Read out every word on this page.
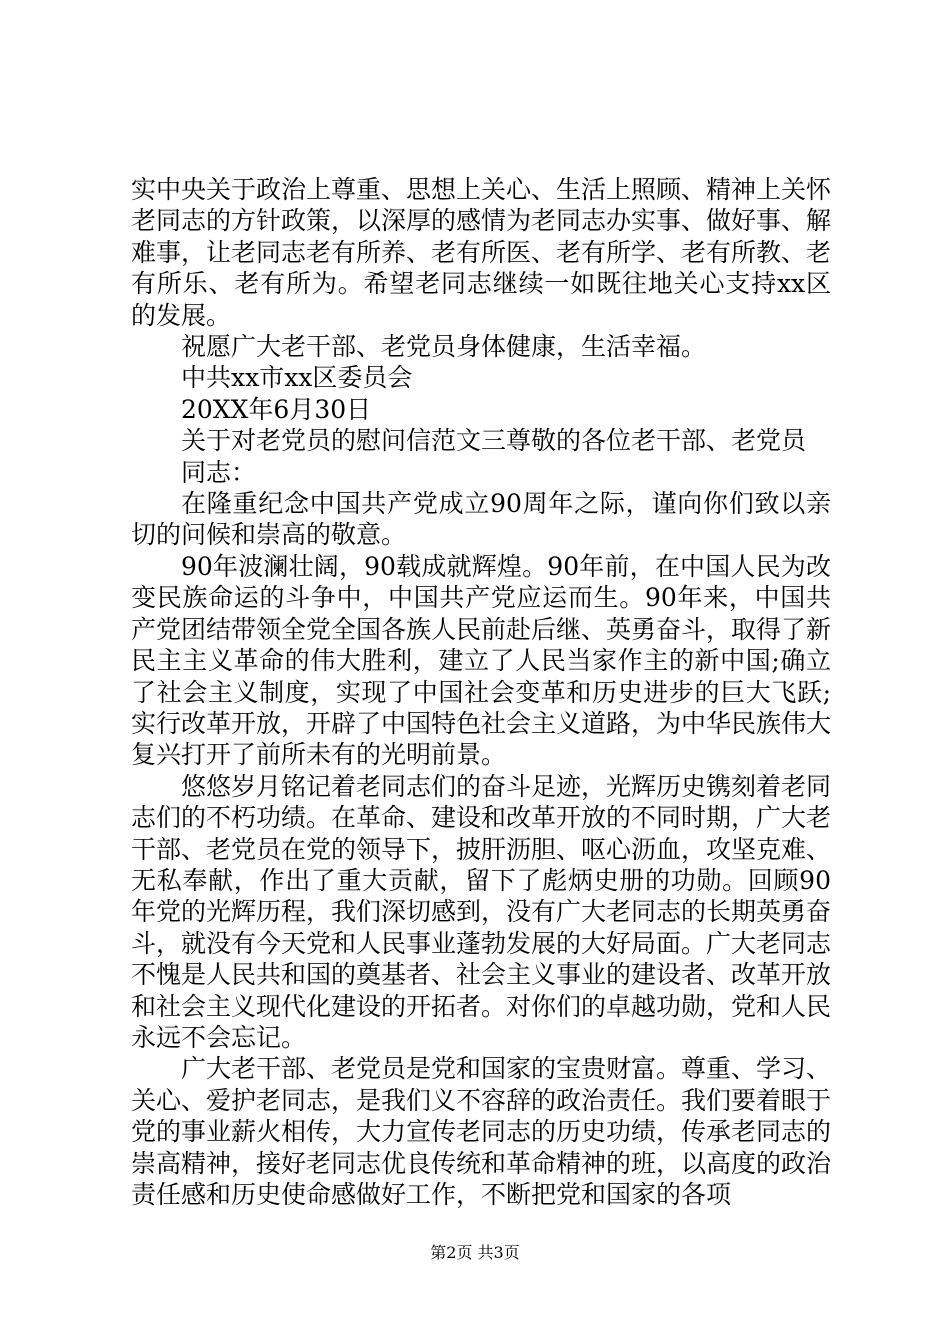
实中央关于政治上尊重、思想上关心、生活上照顾、精神上关怀老同志的方针政策，以深厚的感情为老同志办实事、做好事、解难事，让老同志老有所养、老有所医、老有所学、老有所教、老有所乐、老有所为。希望老同志继续一如既往地关心支持xx区的发展。

祝愿广大老干部、老党员身体健康，生活幸福。

中共xx市xx区委员会

20XX年6月30日

关于对老党员的慰问信范文三尊敬的各位老干部、老党员

同志：

在隆重纪念中国共产党成立90周年之际，谨向你们致以亲切的问候和崇高的敬意。

90年波澜壮阔，90载成就辉煌。90年前，在中国人民为改变民族命运的斗争中，中国共产党应运而生。90年来，中国共产党团结带领全党全国各族人民前赴后继、英勇奋斗，取得了新民主主义革命的伟大胜利，建立了人民当家作主的新中国;确立了社会主义制度，实现了中国社会变革和历史进步的巨大飞跃;实行改革开放，开辟了中国特色社会主义道路，为中华民族伟大复兴打开了前所未有的光明前景。

悠悠岁月铭记着老同志们的奋斗足迹，光辉历史镌刻着老同志们的不朽功绩。在革命、建设和改革开放的不同时期，广大老干部、老党员在党的领导下，披肝沥胆、呕心沥血，攻坚克难、无私奉献，作出了重大贡献，留下了彪炳史册的功勋。回顾90年党的光辉历程，我们深切感到，没有广大老同志的长期英勇奋斗，就没有今天党和人民事业蓬勃发展的大好局面。广大老同志不愧是人民共和国的奠基者、社会主义事业的建设者、改革开放和社会主义现代化建设的开拓者。对你们的卓越功勋，党和人民永远不会忘记。

广大老干部、老党员是党和国家的宝贵财富。尊重、学习、关心、爱护老同志，是我们义不容辞的政治责任。我们要着眼于党的事业薪火相传，大力宣传老同志的历史功绩，传承老同志的崇高精神，接好老同志优良传统和革命精神的班，以高度的政治责任感和历史使命感做好工作，不断把党和国家的各项

第2页 共3页
